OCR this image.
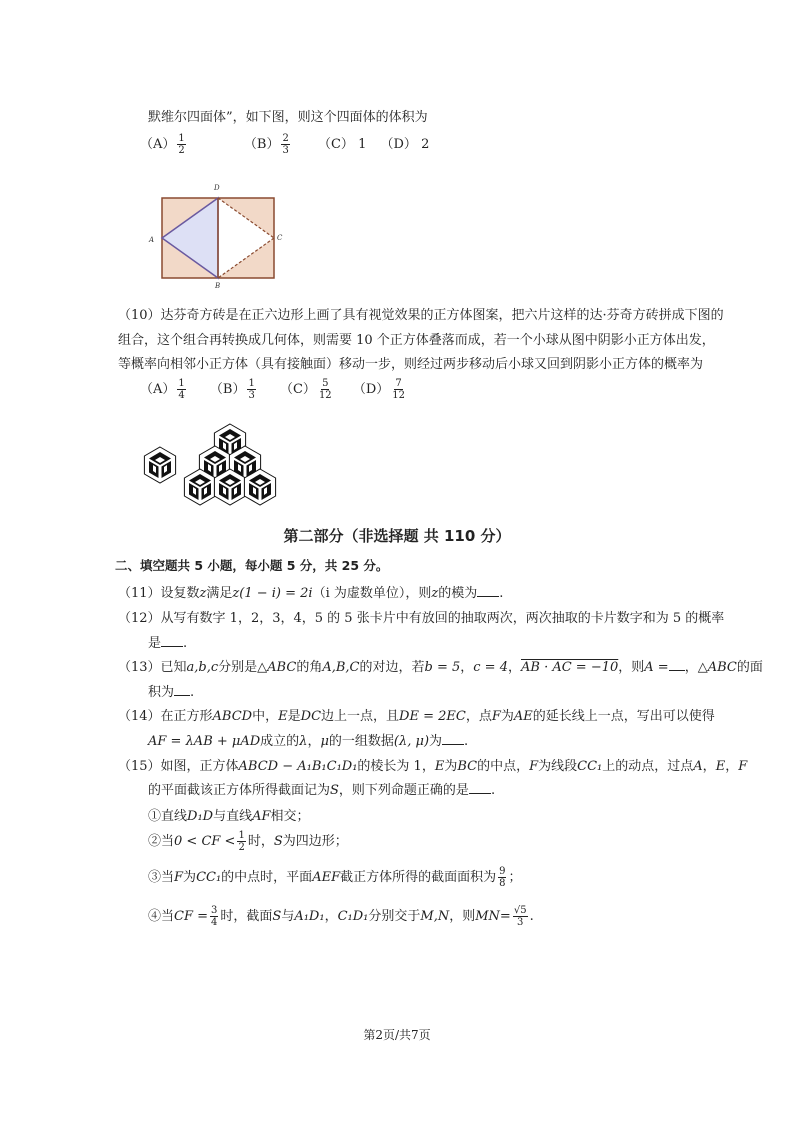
默维尔四面体”，如下图，则这个四面体的体积为
$(A) \frac{1}{2}$	$(B) \frac{2}{3} (C)$ 1 （D） 2
A
B
C
D
（10）达芬奇方砖是在正六边形上画了具有视觉效果的正方体图案，把六片这样的达·芬奇方砖拼成下图的
组合，这个组合再转换成几何体，则需要 10 个正方体叠落而成，若一个小球从图中阴影小正方体出发，
等概率向相邻小正方体（具有接触面）移动一步，则经过两步移动后小球又回到阴影小正方体的概率为
$(A) \frac{1}{4} (B) \frac{1}{3} (C) \frac{5}{12} (D) \frac{7}{12}$
第二部分（非选择题 共 110 分）
二、填空题共 5 小题，每小题 5 分，共 25 分。
（11）设复数z满足z(1 − i) = 2i（i 为虚数单位），则z的模为 .
（12）从写有数字 1，2，3，4，5 的 5 张卡片中有放回的抽取两次，两次抽取的卡片数字和为 5 的概率
是 .
（13）已知a,b,c分别是△ABC的角A,B,C的对边，若b = 5，c = 4，AB · AC = −10，则A = ，△ABC的面
积为 .
（14）在正方形ABCD中，E是DC边上一点，且DE = 2EC，点F为AE的延长线上一点，写出可以使得
AF = λAB + μAD成立的λ，μ的一组数据(λ, μ)为 .
（15）如图，正方体ABCD − A₁B₁C₁D₁的棱长为 1，E为BC的中点，F为线段CC₁上的动点，过点A，E，F
的平面截该正方体所得截面记为S，则下列命题正确的是 .
①直线D₁D与直线AF相交；
②当0 < CF < $\frac{1}{2}$ 时，S为四边形；
③当F为CC₁的中点时，平面AEF截正方体所得的截面面积为 $\frac{9}{8}$ ；
④当CF = $\frac{3}{4}$ 时，截面S与A₁D₁，C₁D₁分别交于M,N，则$MN= \frac{√5}{3}$ .
第2页/共7页
